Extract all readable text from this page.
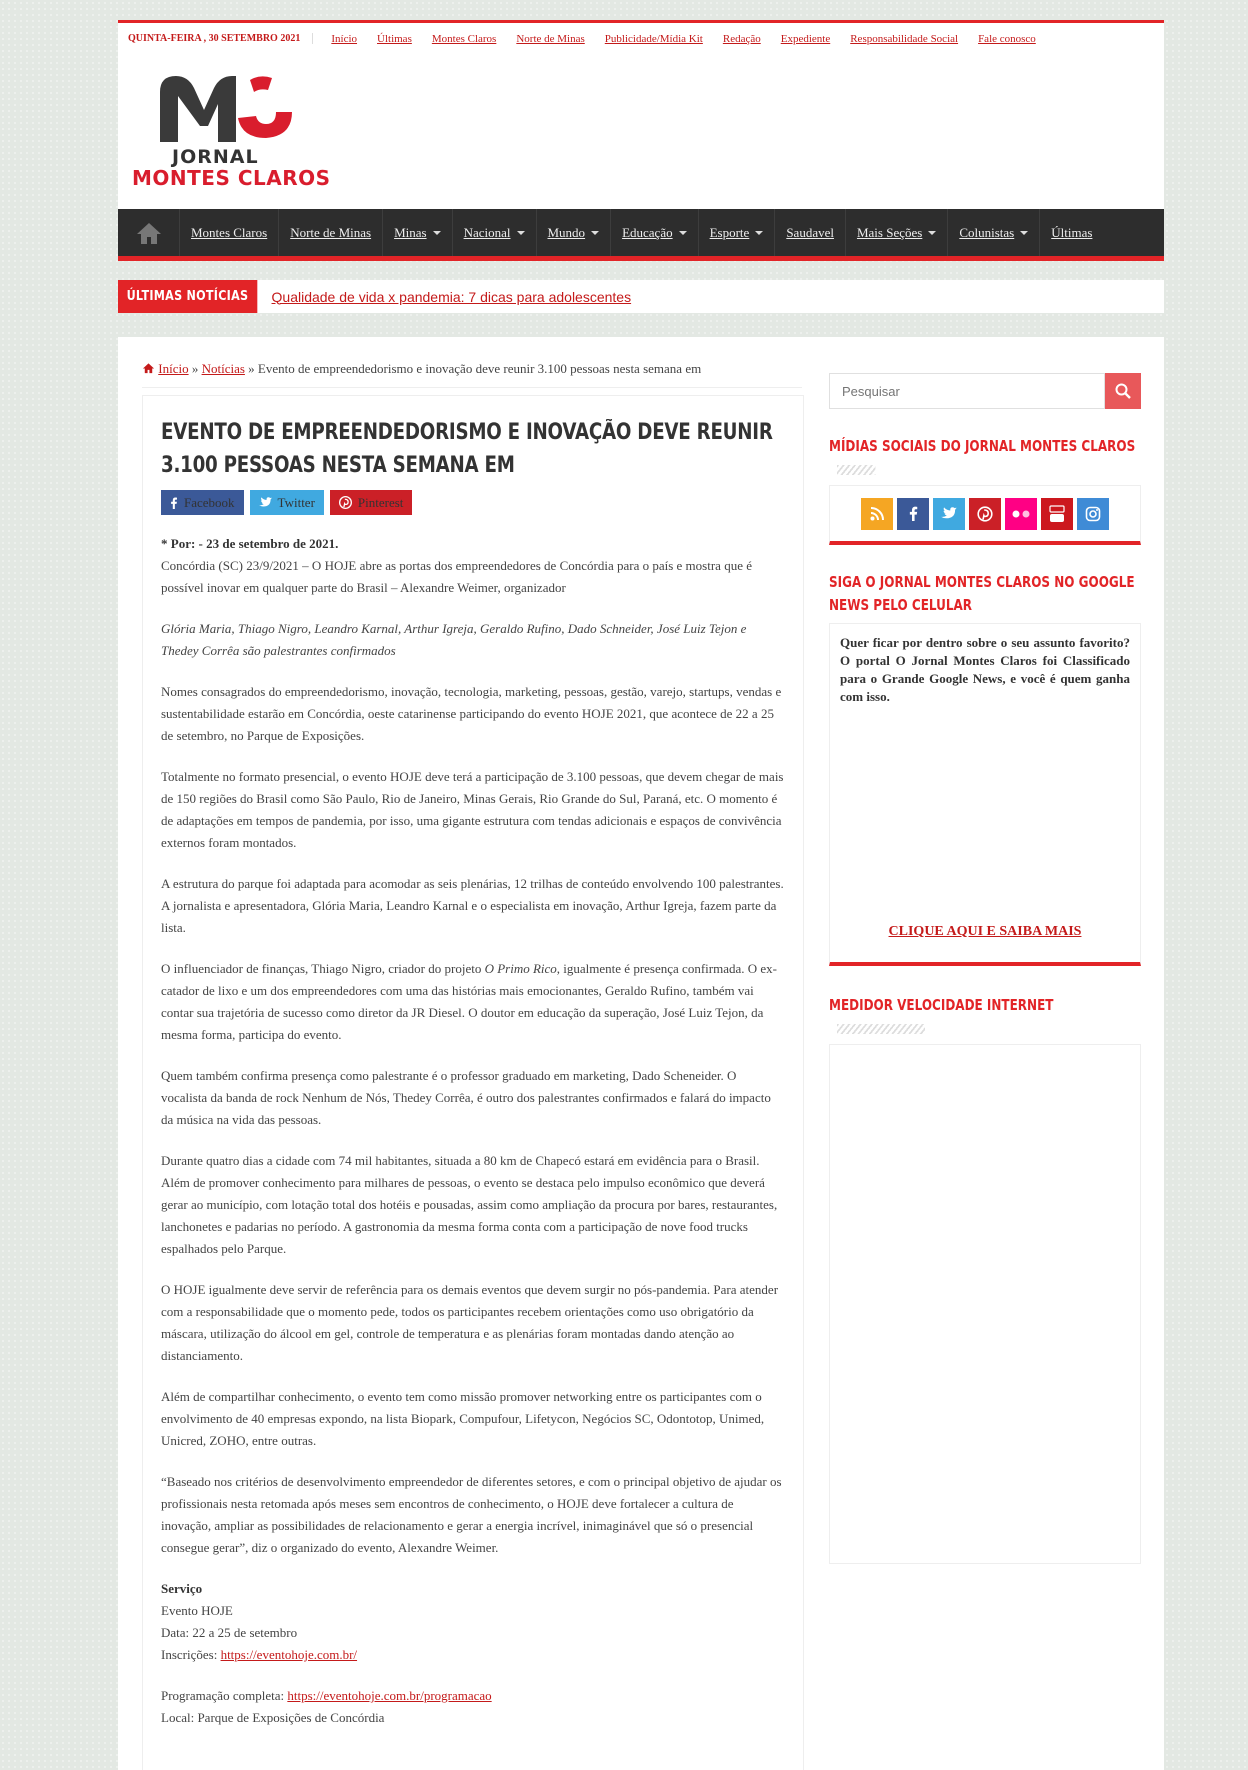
QUINTA-FEIRA , 30 SETEMBRO 2021	Início Últimas Montes Claros Norte de Minas Publicidade/Mídia Kit Redação Expediente Responsabilidade Social Fale conosco
JORNAL
MONTES CLAROS
Montes Claros Norte de Minas Minas	Nacional	Mundo	Educação	Esporte	Saudavel Mais Seções	Colunistas	Últimas
ÚLTIMAS NOTÍCIAS	Qualidade de vida x pandemia: 7 dicas para adolescentes
Início » Notícias » Evento de empreendedorismo e inovação deve reunir 3.100 pessoas nesta semana em
EVENTO DE EMPREENDEDORISMO E INOVAÇÃO DEVE REUNIR 3.100 PESSOAS NESTA SEMANA EM
Facebook	Twitter	Pinterest

* Por: - 23 de setembro de 2021.

Concórdia (SC) 23/9/2021 – O HOJE abre as portas dos empreendedores de Concórdia para o país e mostra que é possível inovar em qualquer parte do Brasil – Alexandre Weimer, organizador

Glória Maria, Thiago Nigro, Leandro Karnal, Arthur Igreja, Geraldo Rufino, Dado Schneider, José Luiz Tejon e Thedey Corrêa são palestrantes confirmados

Nomes consagrados do empreendedorismo, inovação, tecnologia, marketing, pessoas, gestão, varejo, startups, vendas e sustentabilidade estarão em Concórdia, oeste catarinense participando do evento HOJE 2021, que acontece de 22 a 25 de setembro, no Parque de Exposições.

Totalmente no formato presencial, o evento HOJE deve terá a participação de 3.100 pessoas, que devem chegar de mais de 150 regiões do Brasil como São Paulo, Rio de Janeiro, Minas Gerais, Rio Grande do Sul, Paraná, etc. O momento é de adaptações em tempos de pandemia, por isso, uma gigante estrutura com tendas adicionais e espaços de convivência externos foram montados.

A estrutura do parque foi adaptada para acomodar as seis plenárias, 12 trilhas de conteúdo envolvendo 100 palestrantes. A jornalista e apresentadora, Glória Maria, Leandro Karnal e o especialista em inovação, Arthur Igreja, fazem parte da lista.

O influenciador de finanças, Thiago Nigro, criador do projeto O Primo Rico, igualmente é presença confirmada. O ex-catador de lixo e um dos empreendedores com uma das histórias mais emocionantes, Geraldo Rufino, também vai contar sua trajetória de sucesso como diretor da JR Diesel. O doutor em educação da superação, José Luiz Tejon, da mesma forma, participa do evento.

Quem também confirma presença como palestrante é o professor graduado em marketing, Dado Scheneider. O vocalista da banda de rock Nenhum de Nós, Thedey Corrêa, é outro dos palestrantes confirmados e falará do impacto da música na vida das pessoas.

Durante quatro dias a cidade com 74 mil habitantes, situada a 80 km de Chapecó estará em evidência para o Brasil. Além de promover conhecimento para milhares de pessoas, o evento se destaca pelo impulso econômico que deverá gerar ao município, com lotação total dos hotéis e pousadas, assim como ampliação da procura por bares, restaurantes, lanchonetes e padarias no período. A gastronomia da mesma forma conta com a participação de nove food trucks espalhados pelo Parque.

O HOJE igualmente deve servir de referência para os demais eventos que devem surgir no pós-pandemia. Para atender com a responsabilidade que o momento pede, todos os participantes recebem orientações como uso obrigatório da máscara, utilização do álcool em gel, controle de temperatura e as plenárias foram montadas dando atenção ao distanciamento.

Além de compartilhar conhecimento, o evento tem como missão promover networking entre os participantes com o envolvimento de 40 empresas expondo, na lista Biopark, Compufour, Lifetycon, Negócios SC, Odontotop, Unimed, Unicred, ZOHO, entre outras.

“Baseado nos critérios de desenvolvimento empreendedor de diferentes setores, e com o principal objetivo de ajudar os profissionais nesta retomada após meses sem encontros de conhecimento, o HOJE deve fortalecer a cultura de inovação, ampliar as possibilidades de relacionamento e gerar a energia incrível, inimaginável que só o presencial consegue gerar”, diz o organizado do evento, Alexandre Weimer.

Serviço
Evento HOJE
Data: 22 a 25 de setembro
Inscrições: https://eventohoje.com.br/

Programação completa: https://eventohoje.com.br/programacao
Local: Parque de Exposições de Concórdia

Pesquisar
MÍDIAS SOCIAIS DO JORNAL MONTES CLAROS
SIGA O JORNAL MONTES CLAROS NO GOOGLE NEWS PELO CELULAR
Quer ficar por dentro sobre o seu assunto favorito? O portal O Jornal Montes Claros foi Classificado para o Grande Google News, e você é quem ganha com isso.
CLIQUE AQUI E SAIBA MAIS
MEDIDOR VELOCIDADE INTERNET
